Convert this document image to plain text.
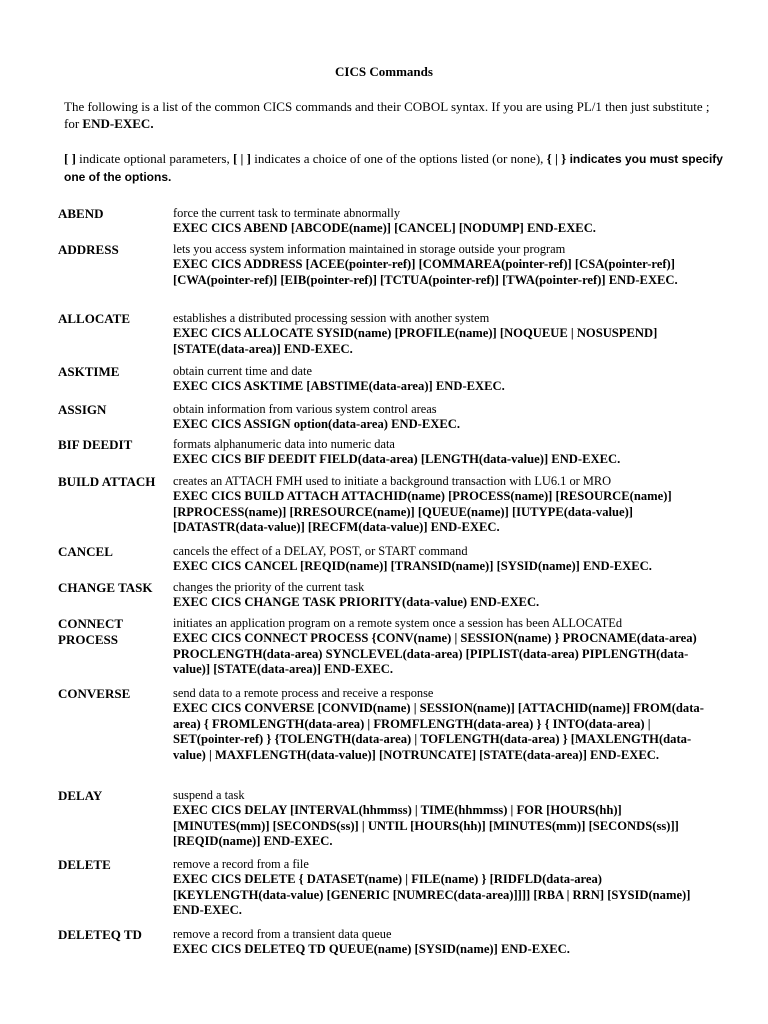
CICS Commands
The following is a list of the common CICS commands and their COBOL syntax. If you are using PL/1 then just substitute ; for END-EXEC.
[ ] indicate optional parameters, [ | ] indicates a choice of one of the options listed (or none), { | } indicates you must specify one of the options.
ABEND	force the current task to terminate abnormally
EXEC CICS ABEND [ABCODE(name)] [CANCEL] [NODUMP] END-EXEC.
ADDRESS	lets you access system information maintained in storage outside your program
EXEC CICS ADDRESS [ACEE(pointer-ref)] [COMMAREA(pointer-ref)] [CSA(pointer-ref)] [CWA(pointer-ref)] [EIB(pointer-ref)] [TCTUA(pointer-ref)] [TWA(pointer-ref)] END-EXEC.
ALLOCATE	establishes a distributed processing session with another system
EXEC CICS ALLOCATE SYSID(name) [PROFILE(name)] [NOQUEUE | NOSUSPEND] [STATE(data-area)] END-EXEC.
ASKTIME	obtain current time and date
EXEC CICS ASKTIME [ABSTIME(data-area)] END-EXEC.
ASSIGN	obtain information from various system control areas
EXEC CICS ASSIGN option(data-area) END-EXEC.
BIF DEEDIT	formats alphanumeric data into numeric data
EXEC CICS BIF DEEDIT FIELD(data-area) [LENGTH(data-value)] END-EXEC.
BUILD ATTACH	creates an ATTACH FMH used to initiate a background transaction with LU6.1 or MRO
EXEC CICS BUILD ATTACH ATTACHID(name) [PROCESS(name)] [RESOURCE(name)] [RPROCESS(name)] [RRESOURCE(name)] [QUEUE(name)] [IUTYPE(data-value)] [DATASTR(data-value)] [RECFM(data-value)] END-EXEC.
CANCEL	cancels the effect of a DELAY, POST, or START command
EXEC CICS CANCEL [REQID(name)] [TRANSID(name)] [SYSID(name)] END-EXEC.
CHANGE TASK	changes the priority of the current task
EXEC CICS CHANGE TASK PRIORITY(data-value) END-EXEC.
CONNECT PROCESS
initiates an application program on a remote system once a session has been ALLOCATEd
EXEC CICS CONNECT PROCESS {CONV(name) | SESSION(name) } PROCNAME(data-area) PROCLENGTH(data-area) SYNCLEVEL(data-area) [PIPLIST(data-area) PIPLENGTH(data-value)] [STATE(data-area)] END-EXEC.
CONVERSE	send data to a remote process and receive a response
EXEC CICS CONVERSE [CONVID(name) | SESSION(name)] [ATTACHID(name)] FROM(data-area) { FROMLENGTH(data-area) | FROMFLENGTH(data-area) } { INTO(data-area) | SET(pointer-ref) } {TOLENGTH(data-area) | TOFLENGTH(data-area) } [MAXLENGTH(data-value) | MAXFLENGTH(data-value)] [NOTRUNCATE] [STATE(data-area)] END-EXEC.
DELAY	suspend a task
EXEC CICS DELAY [INTERVAL(hhmmss) | TIME(hhmmss) | FOR [HOURS(hh)] [MINUTES(mm)] [SECONDS(ss)] | UNTIL [HOURS(hh)] [MINUTES(mm)] [SECONDS(ss)]] [REQID(name)] END-EXEC.
DELETE	remove a record from a file
EXEC CICS DELETE { DATASET(name) | FILE(name) } [RIDFLD(data-area) [KEYLENGTH(data-value) [GENERIC [NUMREC(data-area)]]]] [RBA | RRN] [SYSID(name)] END-EXEC.
DELETEQ TD	remove a record from a transient data queue
EXEC CICS DELETEQ TD QUEUE(name) [SYSID(name)] END-EXEC.
